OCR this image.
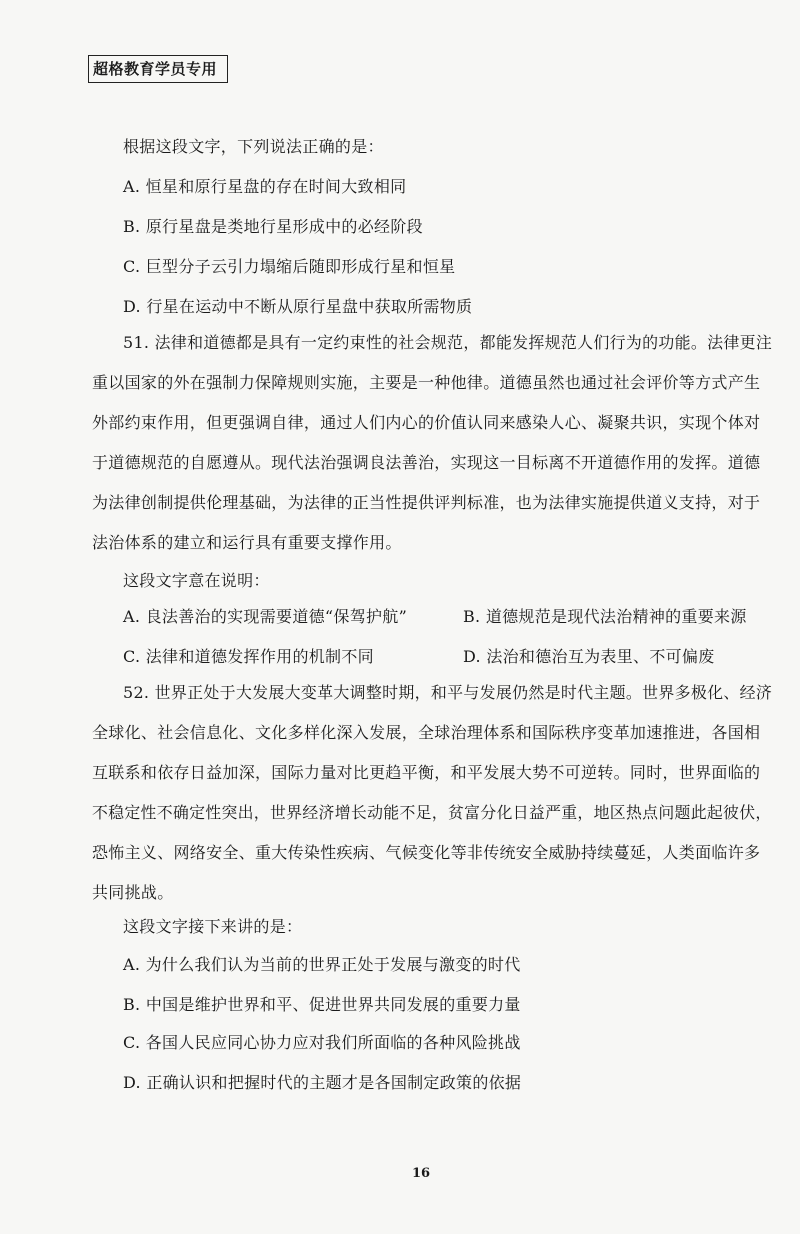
超格教育学员专用
根据这段文字，下列说法正确的是：
A. 恒星和原行星盘的存在时间大致相同
B. 原行星盘是类地行星形成中的必经阶段
C. 巨型分子云引力塌缩后随即形成行星和恒星
D. 行星在运动中不断从原行星盘中获取所需物质
51. 法律和道德都是具有一定约束性的社会规范，都能发挥规范人们行为的功能。法律更注
重以国家的外在强制力保障规则实施，主要是一种他律。道德虽然也通过社会评价等方式产生
外部约束作用，但更强调自律，通过人们内心的价值认同来感染人心、凝聚共识，实现个体对
于道德规范的自愿遵从。现代法治强调良法善治，实现这一目标离不开道德作用的发挥。道德
为法律创制提供伦理基础，为法律的正当性提供评判标准，也为法律实施提供道义支持，对于
法治体系的建立和运行具有重要支撑作用。
这段文字意在说明：
A. 良法善治的实现需要道德“保驾护航”	B. 道德规范是现代法治精神的重要来源
C. 法律和道德发挥作用的机制不同	D. 法治和德治互为表里、不可偏废
52. 世界正处于大发展大变革大调整时期，和平与发展仍然是时代主题。世界多极化、经济
全球化、社会信息化、文化多样化深入发展，全球治理体系和国际秩序变革加速推进，各国相
互联系和依存日益加深，国际力量对比更趋平衡，和平发展大势不可逆转。同时，世界面临的
不稳定性不确定性突出，世界经济增长动能不足，贫富分化日益严重，地区热点问题此起彼伏，
恐怖主义、网络安全、重大传染性疾病、气候变化等非传统安全威胁持续蔓延，人类面临许多
共同挑战。
这段文字接下来讲的是：
A. 为什么我们认为当前的世界正处于发展与激变的时代
B. 中国是维护世界和平、促进世界共同发展的重要力量
C. 各国人民应同心协力应对我们所面临的各种风险挑战
D. 正确认识和把握时代的主题才是各国制定政策的依据
16
